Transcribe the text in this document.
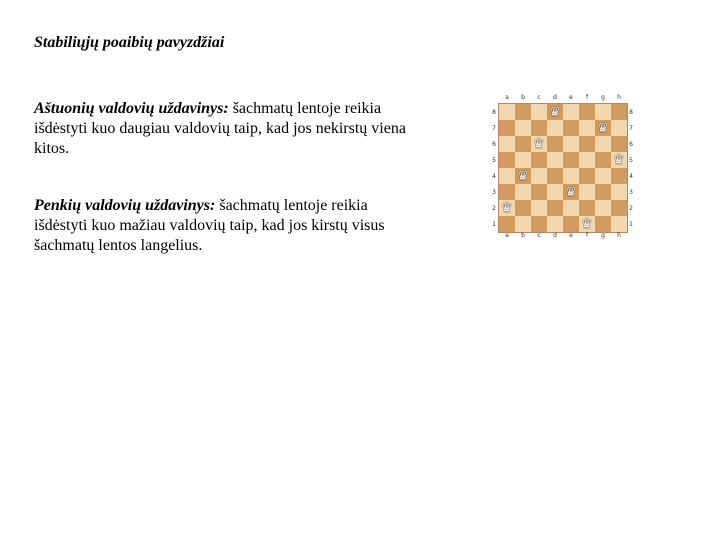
Stabiliųjų poaibių pavyzdžiai
Aštuonių valdovių uždavinys: šachmatų lentoje reikia išdėstyti kuo daugiau valdovių taip, kad jos nekirstų viena kitos.
Penkių valdovių uždavinys: šachmatų lentoje reikia išdėstyti kuo mažiau valdovių taip, kad jos kirstų visus šachmatų lentos langelius.
a	b	c	d	e	f	g	h
8
7
6
5
4
3
2
1
♛
♛
♛
♛
♛
♛
♛
♛
8
7
6
5
4
3
2
1
a	b	c	d	e	f	g	h
